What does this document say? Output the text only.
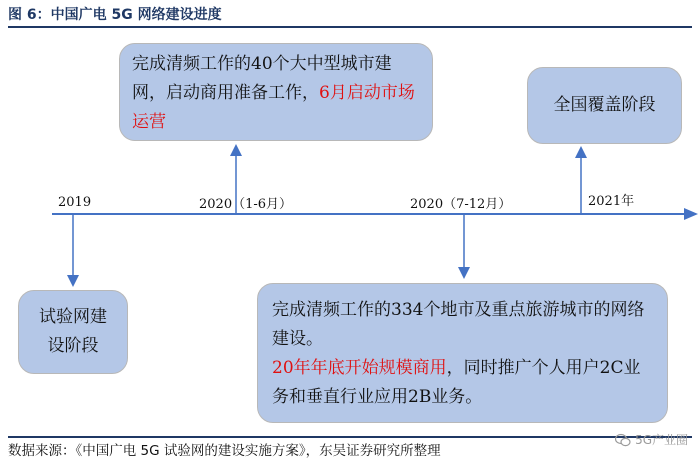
图 6：中国广电 5G 网络建设进度
2019	2020（1-6月）	2020（7-12月）	2021年
完成清频工作的40个大中型城市建网，启动商用准备工作，6月启动市场运营
全国覆盖阶段
试验网建
设阶段
完成清频工作的334个地市及重点旅游城市的网络建设。
20年年底开始规模商用，同时推广个人用户2C业务和垂直行业应用2B业务。
数据来源：《中国广电 5G 试验网的建设实施方案》，东吴证券研究所整理
5G产业圈
